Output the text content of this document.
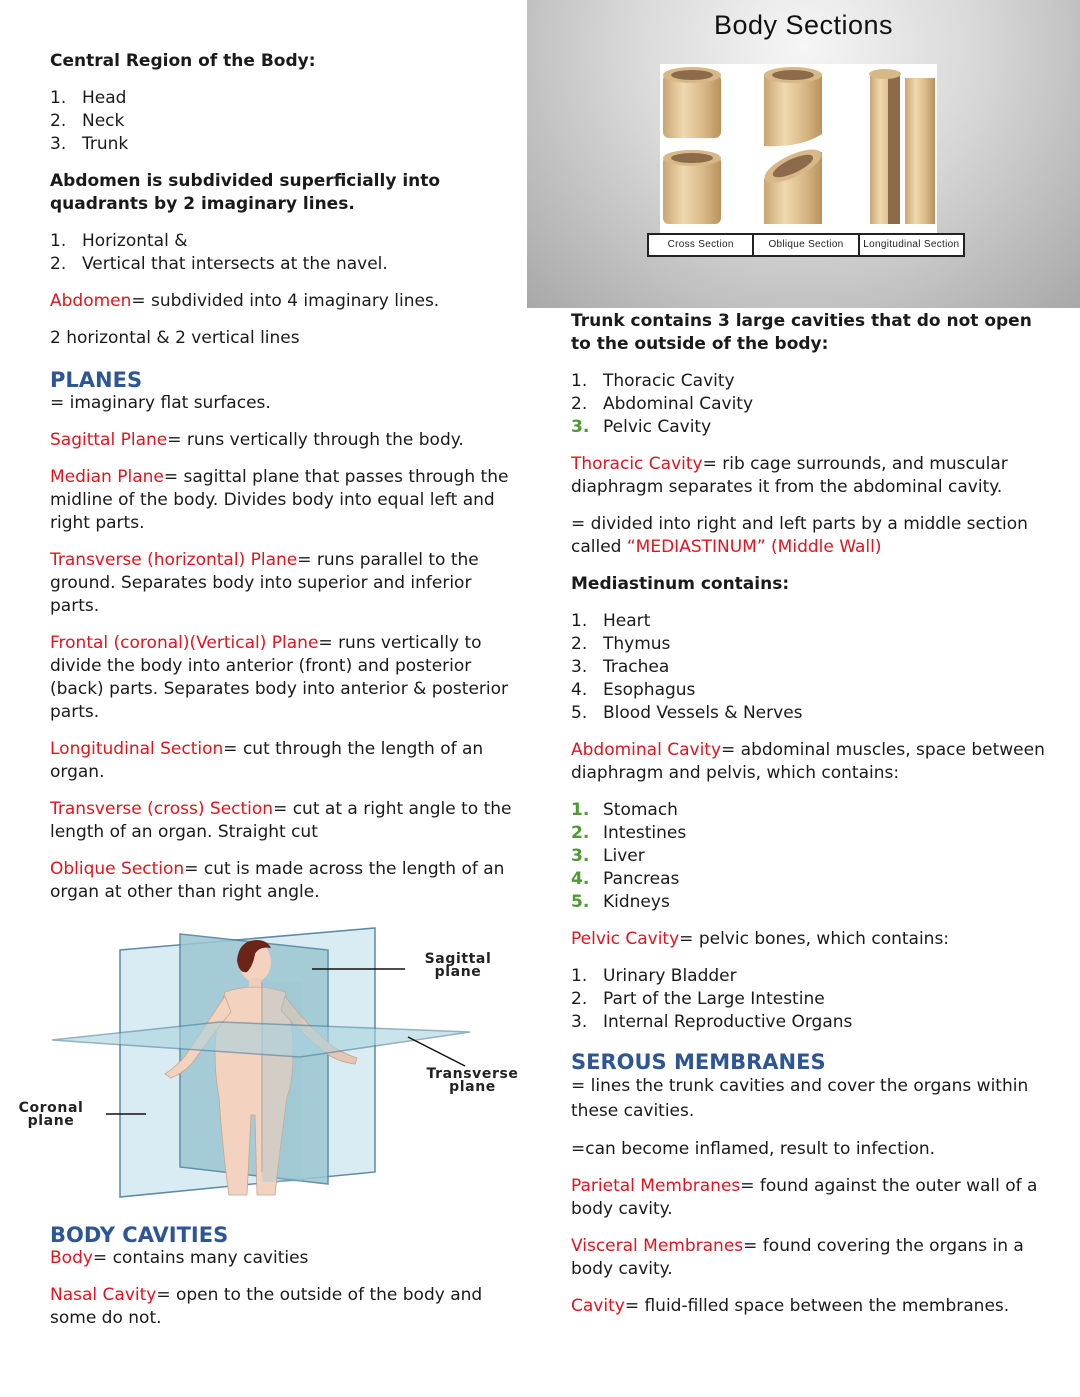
Central Region of the Body:

1. Head
2. Neck
3. Trunk

Abdomen is subdivided superficially into quadrants by 2 imaginary lines.

1. Horizontal &
2. Vertical that intersects at the navel.

Abdomen= subdivided into 4 imaginary lines.

2 horizontal & 2 vertical lines

PLANES

= imaginary flat surfaces.

Sagittal Plane= runs vertically through the body.

Median Plane= sagittal plane that passes through the midline of the body. Divides body into equal left and right parts.

Transverse (horizontal) Plane= runs parallel to the ground. Separates body into superior and inferior parts.

Frontal (coronal)(Vertical) Plane= runs vertically to divide the body into anterior (front) and posterior (back) parts. Separates body into anterior & posterior parts.

Longitudinal Section= cut through the length of an organ.

Transverse (cross) Section= cut at a right angle to the length of an organ. Straight cut

Oblique Section= cut is made across the length of an organ at other than right angle.

Sagittal
plane
Transverse
plane
Coronal
plane
BODY CAVITIES

Body= contains many cavities

Nasal Cavity= open to the outside of the body and some do not.

Body Sections
Cross Section	Oblique Section	Longitudinal Section

Trunk contains 3 large cavities that do not open to the outside of the body:

1. Thoracic Cavity
2. Abdominal Cavity
3. Pelvic Cavity

Thoracic Cavity= rib cage surrounds, and muscular diaphragm separates it from the abdominal cavity.

= divided into right and left parts by a middle section called “MEDIASTINUM” (Middle Wall)

Mediastinum contains:

1. Heart
2. Thymus
3. Trachea
4. Esophagus
5. Blood Vessels & Nerves

Abdominal Cavity= abdominal muscles, space between diaphragm and pelvis, which contains:

1. Stomach
2. Intestines
3. Liver
4. Pancreas
5. Kidneys

Pelvic Cavity= pelvic bones, which contains:

1. Urinary Bladder
2. Part of the Large Intestine
3. Internal Reproductive Organs
SEROUS MEMBRANES

= lines the trunk cavities and cover the organs within these cavities.

=can become inflamed, result to infection.

Parietal Membranes= found against the outer wall of a body cavity.

Visceral Membranes= found covering the organs in a body cavity.

Cavity= fluid-filled space between the membranes.
